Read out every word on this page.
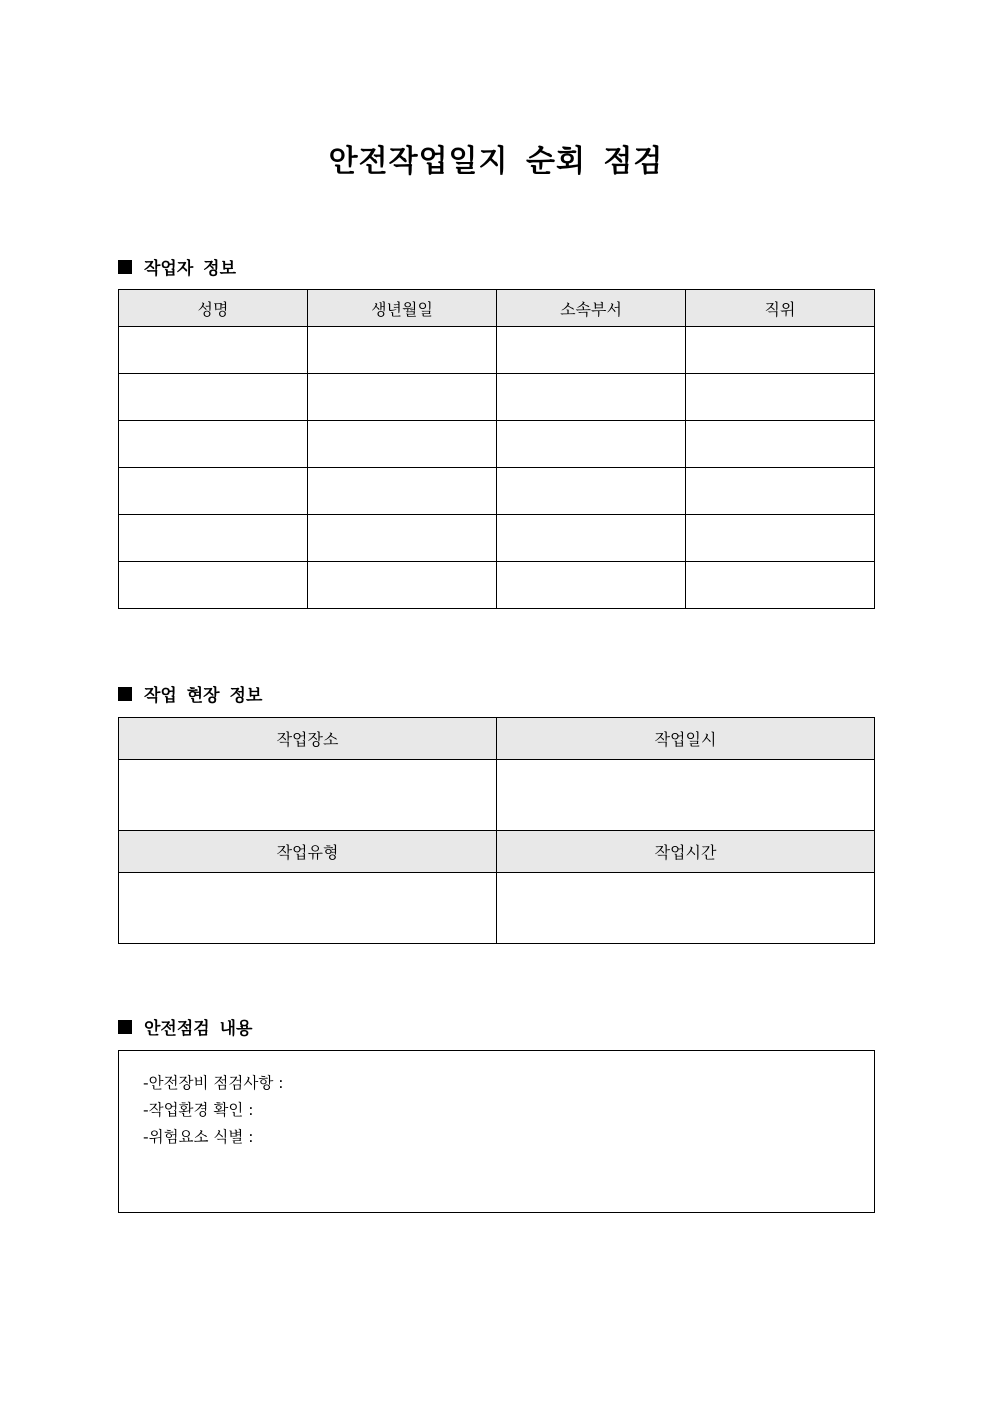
안전작업일지 순회 점검
작업자 정보
성명	생년월일	소속부서	직위

작업 현장 정보
작업장소	작업일시

작업유형	작업시간

안전점검 내용
-안전장비 점검사항 :
-작업환경 확인 :
-위험요소 식별 :
